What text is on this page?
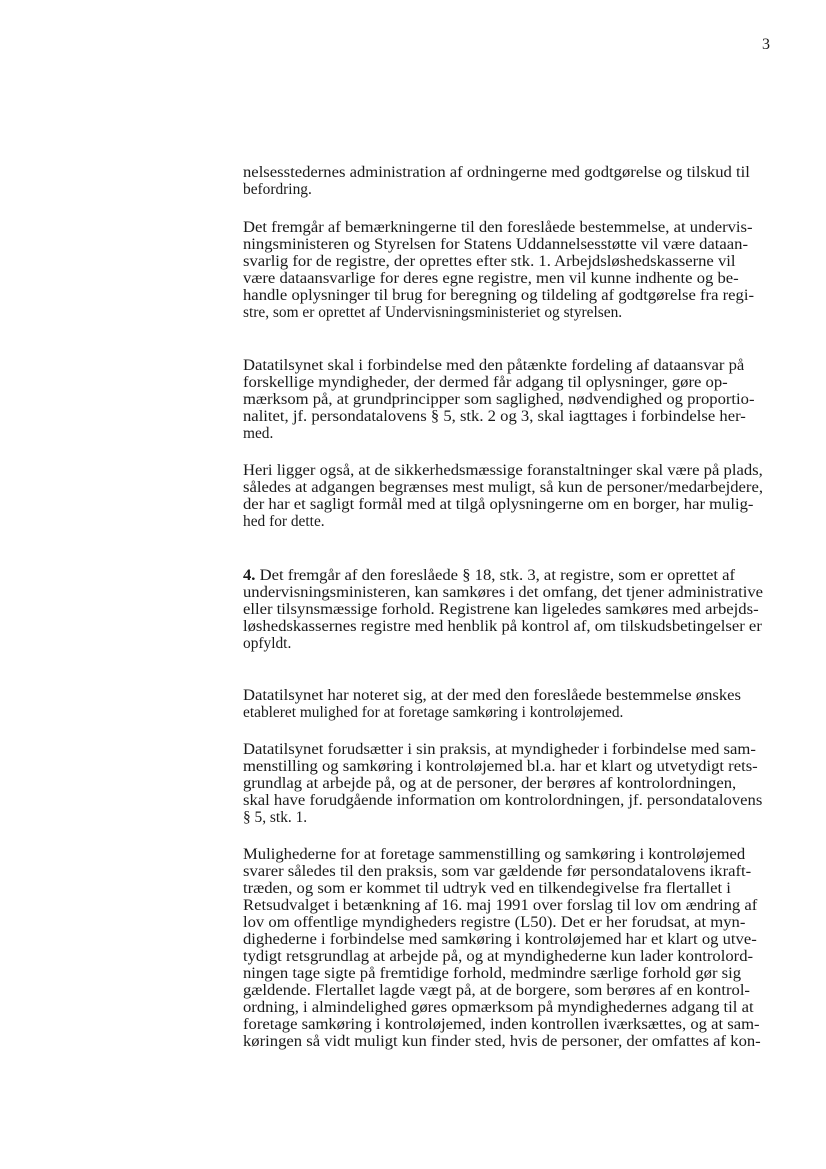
3
nelsesstedernes administration af ordningerne med godtgørelse og tilskud til
befordring.
Det fremgår af bemærkningerne til den foreslåede bestemmelse, at undervis-
ningsministeren og Styrelsen for Statens Uddannelsesstøtte vil være dataan-
svarlig for de registre, der oprettes efter stk. 1. Arbejdsløshedskasserne vil
være dataansvarlige for deres egne registre, men vil kunne indhente og be-
handle oplysninger til brug for beregning og tildeling af godtgørelse fra regi-
stre, som er oprettet af Undervisningsministeriet og styrelsen.
Datatilsynet skal i forbindelse med den påtænkte fordeling af dataansvar på
forskellige myndigheder, der dermed får adgang til oplysninger, gøre op-
mærksom på, at grundprincipper som saglighed, nødvendighed og proportio-
nalitet, jf. persondatalovens § 5, stk. 2 og 3, skal iagttages i forbindelse her-
med.
Heri ligger også, at de sikkerhedsmæssige foranstaltninger skal være på plads,
således at adgangen begrænses mest muligt, så kun de personer/medarbejdere,
der har et sagligt formål med at tilgå oplysningerne om en borger, har mulig-
hed for dette.
4. Det fremgår af den foreslåede § 18, stk. 3, at registre, som er oprettet af
undervisningsministeren, kan samkøres i det omfang, det tjener administrative
eller tilsynsmæssige forhold. Registrene kan ligeledes samkøres med arbejds-
løshedskassernes registre med henblik på kontrol af, om tilskudsbetingelser er
opfyldt.
Datatilsynet har noteret sig, at der med den foreslåede bestemmelse ønskes
etableret mulighed for at foretage samkøring i kontroløjemed.
Datatilsynet forudsætter i sin praksis, at myndigheder i forbindelse med sam-
menstilling og samkøring i kontroløjemed bl.a. har et klart og utvetydigt rets-
grundlag at arbejde på, og at de personer, der berøres af kontrolordningen,
skal have forudgående information om kontrolordningen, jf. persondatalovens
§ 5, stk. 1.
Mulighederne for at foretage sammenstilling og samkøring i kontroløjemed
svarer således til den praksis, som var gældende før persondatalovens ikraft-
træden, og som er kommet til udtryk ved en tilkendegivelse fra flertallet i
Retsudvalget i betænkning af 16. maj 1991 over forslag til lov om ændring af
lov om offentlige myndigheders registre (L50). Det er her forudsat, at myn-
dighederne i forbindelse med samkøring i kontroløjemed har et klart og utve-
tydigt retsgrundlag at arbejde på, og at myndighederne kun lader kontrolord-
ningen tage sigte på fremtidige forhold, medmindre særlige forhold gør sig
gældende. Flertallet lagde vægt på, at de borgere, som berøres af en kontrol-
ordning, i almindelighed gøres opmærksom på myndighedernes adgang til at
foretage samkøring i kontroløjemed, inden kontrollen iværksættes, og at sam-
køringen så vidt muligt kun finder sted, hvis de personer, der omfattes af kon-
